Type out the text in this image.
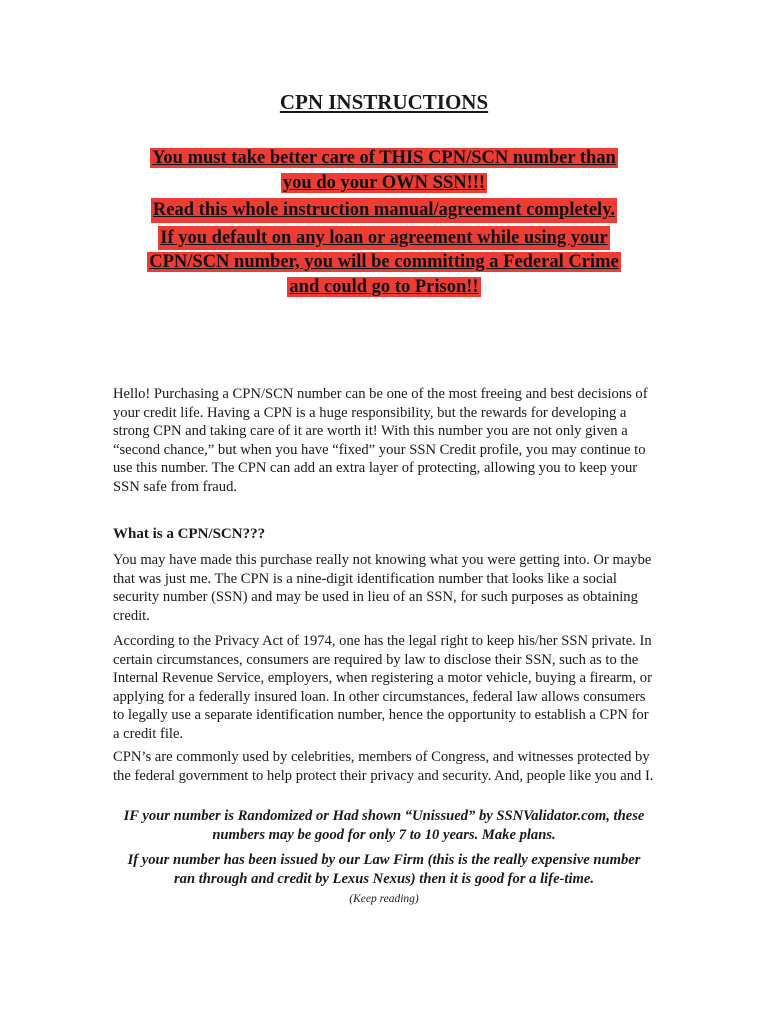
CPN INSTRUCTIONS
You must take better care of THIS CPN/SCN number than
you do your OWN SSN!!!
Read this whole instruction manual/agreement completely.
If you default on any loan or agreement while using your
CPN/SCN number, you will be committing a Federal Crime
and could go to Prison!!

Hello! Purchasing a CPN/SCN number can be one of the most freeing and best decisions of your credit life. Having a CPN is a huge responsibility, but the rewards for developing a strong CPN and taking care of it are worth it! With this number you are not only given a “second chance,” but when you have “fixed” your SSN Credit profile, you may continue to use this number. The CPN can add an extra layer of protecting, allowing you to keep your SSN safe from fraud.

What is a CPN/SCN???

You may have made this purchase really not knowing what you were getting into. Or maybe that was just me. The CPN is a nine-digit identification number that looks like a social security number (SSN) and may be used in lieu of an SSN, for such purposes as obtaining credit.

According to the Privacy Act of 1974, one has the legal right to keep his/her SSN private. In certain circumstances, consumers are required by law to disclose their SSN, such as to the Internal Revenue Service, employers, when registering a motor vehicle, buying a firearm, or applying for a federally insured loan. In other circumstances, federal law allows consumers to legally use a separate identification number, hence the opportunity to establish a CPN for a credit file.

CPN’s are commonly used by celebrities, members of Congress, and witnesses protected by the federal government to help protect their privacy and security. And, people like you and I.

IF your number is Randomized or Had shown “Unissued” by SSNValidator.com, these
numbers may be good for only 7 to 10 years. Make plans.

If your number has been issued by our Law Firm (this is the really expensive number
ran through and credit by Lexus Nexus) then it is good for a life-time.

(Keep reading)
